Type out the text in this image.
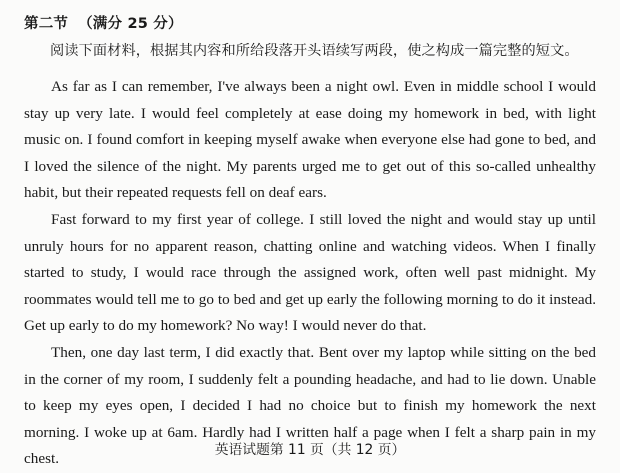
第二节 （满分 25 分）
阅读下面材料，根据其内容和所给段落开头语续写两段，使之构成一篇完整的短文。

As far as I can remember, I've always been a night owl. Even in middle school I would stay up very late. I would feel completely at ease doing my homework in bed, with light music on. I found comfort in keeping myself awake when everyone else had gone to bed, and I loved the silence of the night. My parents urged me to get out of this so-called unhealthy habit, but their repeated requests fell on deaf ears.

Fast forward to my first year of college. I still loved the night and would stay up until unruly hours for no apparent reason, chatting online and watching videos. When I finally started to study, I would race through the assigned work, often well past midnight. My roommates would tell me to go to bed and get up early the following morning to do it instead. Get up early to do my homework? No way! I would never do that.

Then, one day last term, I did exactly that. Bent over my laptop while sitting on the bed in the corner of my room, I suddenly felt a pounding headache, and had to lie down. Unable to keep my eyes open, I decided I had no choice but to finish my homework the next morning. I woke up at 6am. Hardly had I written half a page when I felt a sharp pain in my chest.

英语试题第 11 页（共 12 页）
